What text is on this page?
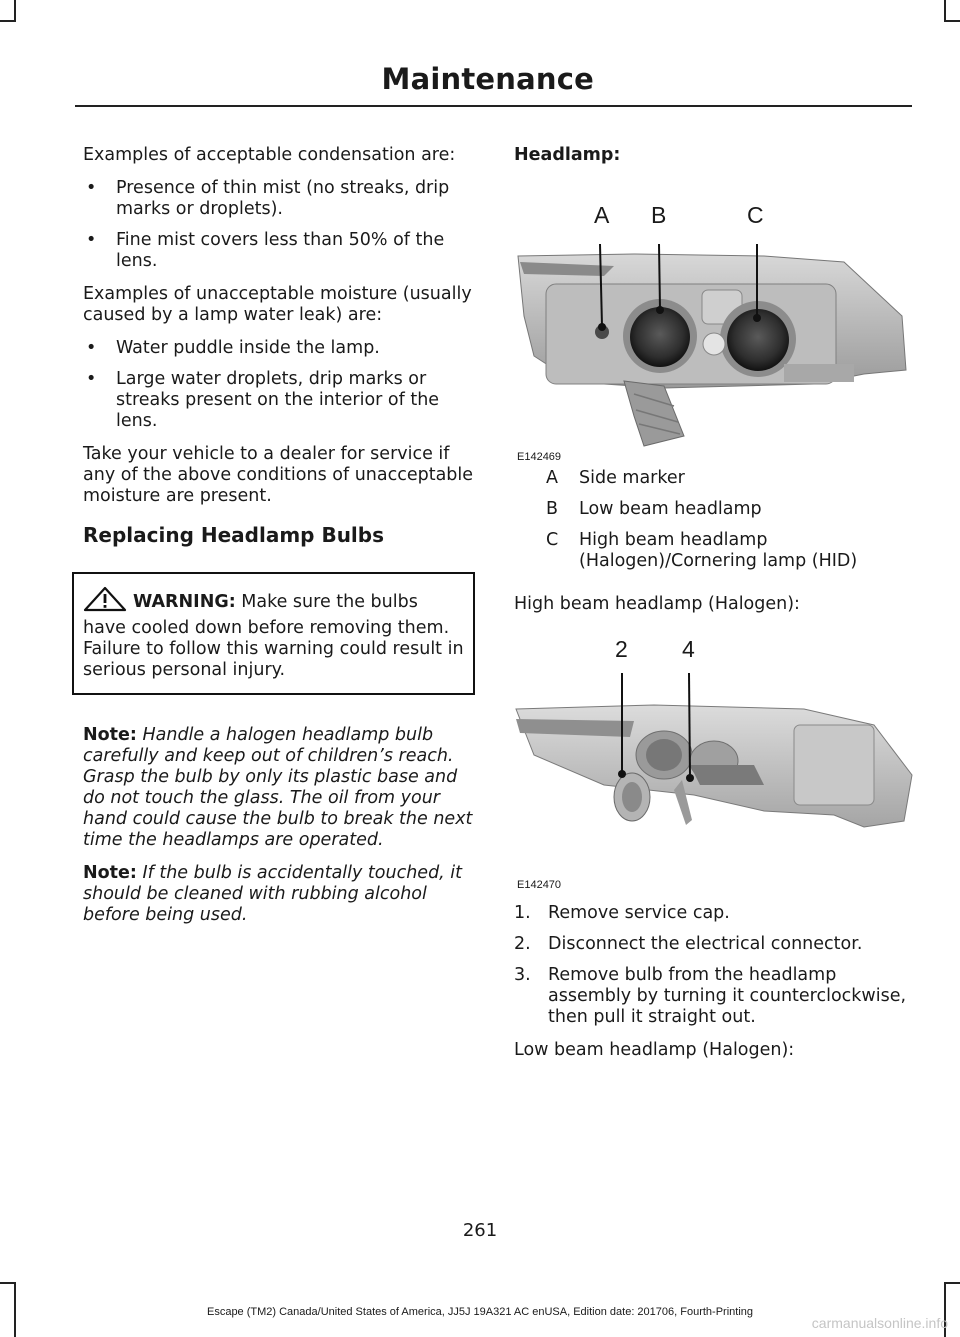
Maintenance

Examples of acceptable condensation are:

• Presence of thin mist (no streaks, drip marks or droplets).
• Fine mist covers less than 50% of the lens.

Examples of unacceptable moisture (usually caused by a lamp water leak) are:

• Water puddle inside the lamp.
• Large water droplets, drip marks or streaks present on the interior of the lens.

Take your vehicle to a dealer for service if any of the above conditions of unacceptable moisture are present.

Replacing Headlamp Bulbs
WARNING: Make sure the bulbs have cooled down before removing them. Failure to follow this warning could result in serious personal injury.

Note: Handle a halogen headlamp bulb carefully and keep out of children’s reach. Grasp the bulb by only its plastic base and do not touch the glass. The oil from your hand could cause the bulb to break the next time the headlamps are operated.

Note: If the bulb is accidentally touched, it should be cleaned with rubbing alcohol before being used.

Headlamp:

A B	C
E142469
A	Side marker
B	Low beam headlamp
C	High beam headlamp (Halogen)/Cornering lamp (HID)

High beam headlamp (Halogen):

2 4
E142470
1. Remove service cap.
2. Disconnect the electrical connector.
3. Remove bulb from the headlamp assembly by turning it counterclockwise, then pull it straight out.

Low beam headlamp (Halogen):

261
Escape (TM2) Canada/United States of America, JJ5J 19A321 AC enUSA, Edition date: 201706, Fourth-Printing
carmanualsonline.info
